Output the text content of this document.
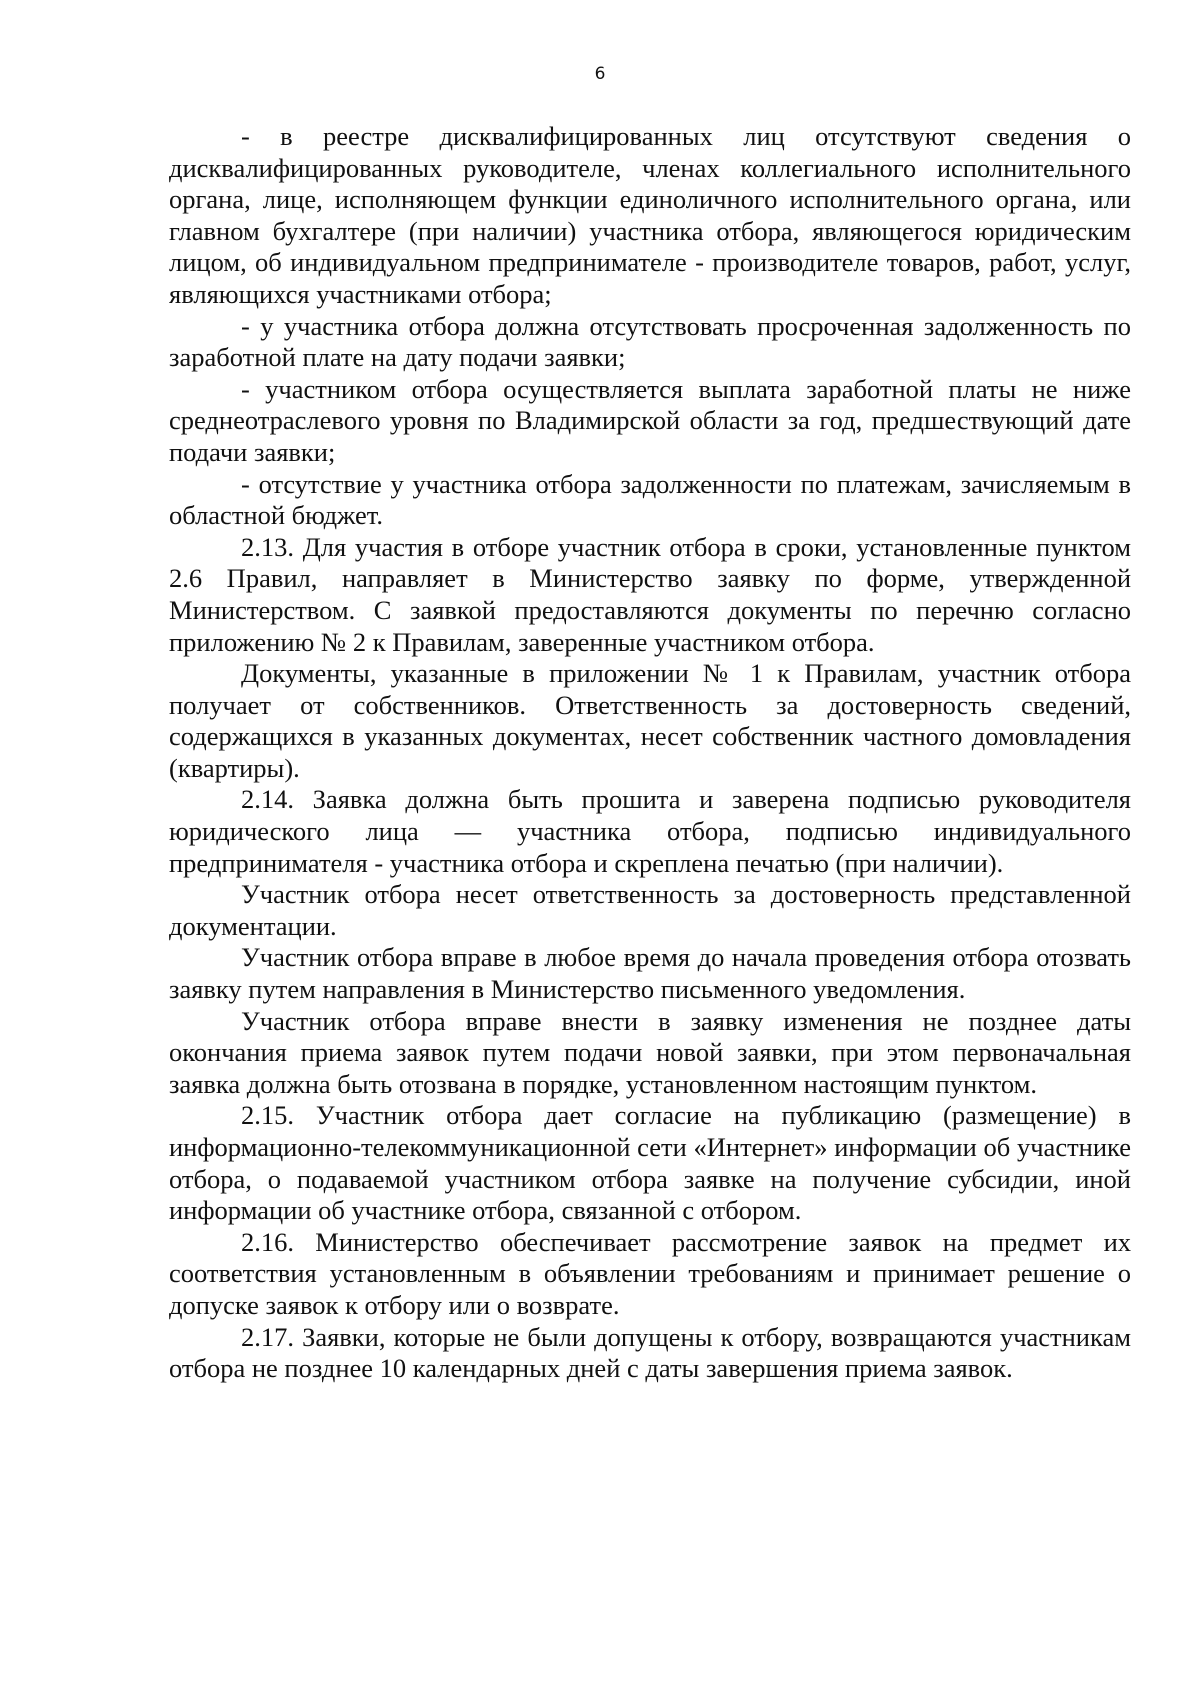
6

- в реестре дисквалифицированных лиц отсутствуют сведения о дисквалифицированных руководителе, членах коллегиального исполнительного органа, лице, исполняющем функции единоличного исполнительного органа, или главном бухгалтере (при наличии) участника отбора, являющегося юридическим лицом, об индивидуальном предпринимателе - производителе товаров, работ, услуг, являющихся участниками отбора;

- у участника отбора должна отсутствовать просроченная задолженность по заработной плате на дату подачи заявки;

- участником отбора осуществляется выплата заработной платы не ниже среднеотраслевого уровня по Владимирской области за год, предшествующий дате подачи заявки;

- отсутствие у участника отбора задолженности по платежам, зачисляемым в областной бюджет.

2.13. Для участия в отборе участник отбора в сроки, установленные пунктом 2.6 Правил, направляет в Министерство заявку по форме, утвержденной Министерством. С заявкой предоставляются документы по перечню согласно приложению № 2 к Правилам, заверенные участником отбора.

Документы, указанные в приложении № 1 к Правилам, участник отбора получает от собственников. Ответственность за достоверность сведений, содержащихся в указанных документах, несет собственник частного домовладения (квартиры).

2.14. Заявка должна быть прошита и заверена подписью руководителя юридического лица — участника отбора, подписью индивидуального предпринимателя - участника отбора и скреплена печатью (при наличии).

Участник отбора несет ответственность за достоверность представленной документации.

Участник отбора вправе в любое время до начала проведения отбора отозвать заявку путем направления в Министерство письменного уведомления.

Участник отбора вправе внести в заявку изменения не позднее даты окончания приема заявок путем подачи новой заявки, при этом первоначальная заявка должна быть отозвана в порядке, установленном настоящим пунктом.

2.15. Участник отбора дает согласие на публикацию (размещение) в информационно-телекоммуникационной сети «Интернет» информации об участнике отбора, о подаваемой участником отбора заявке на получение субсидии, иной информации об участнике отбора, связанной с отбором.

2.16. Министерство обеспечивает рассмотрение заявок на предмет их соответствия установленным в объявлении требованиям и принимает решение о допуске заявок к отбору или о возврате.

2.17. Заявки, которые не были допущены к отбору, возвращаются участникам отбора не позднее 10 календарных дней с даты завершения приема заявок.
